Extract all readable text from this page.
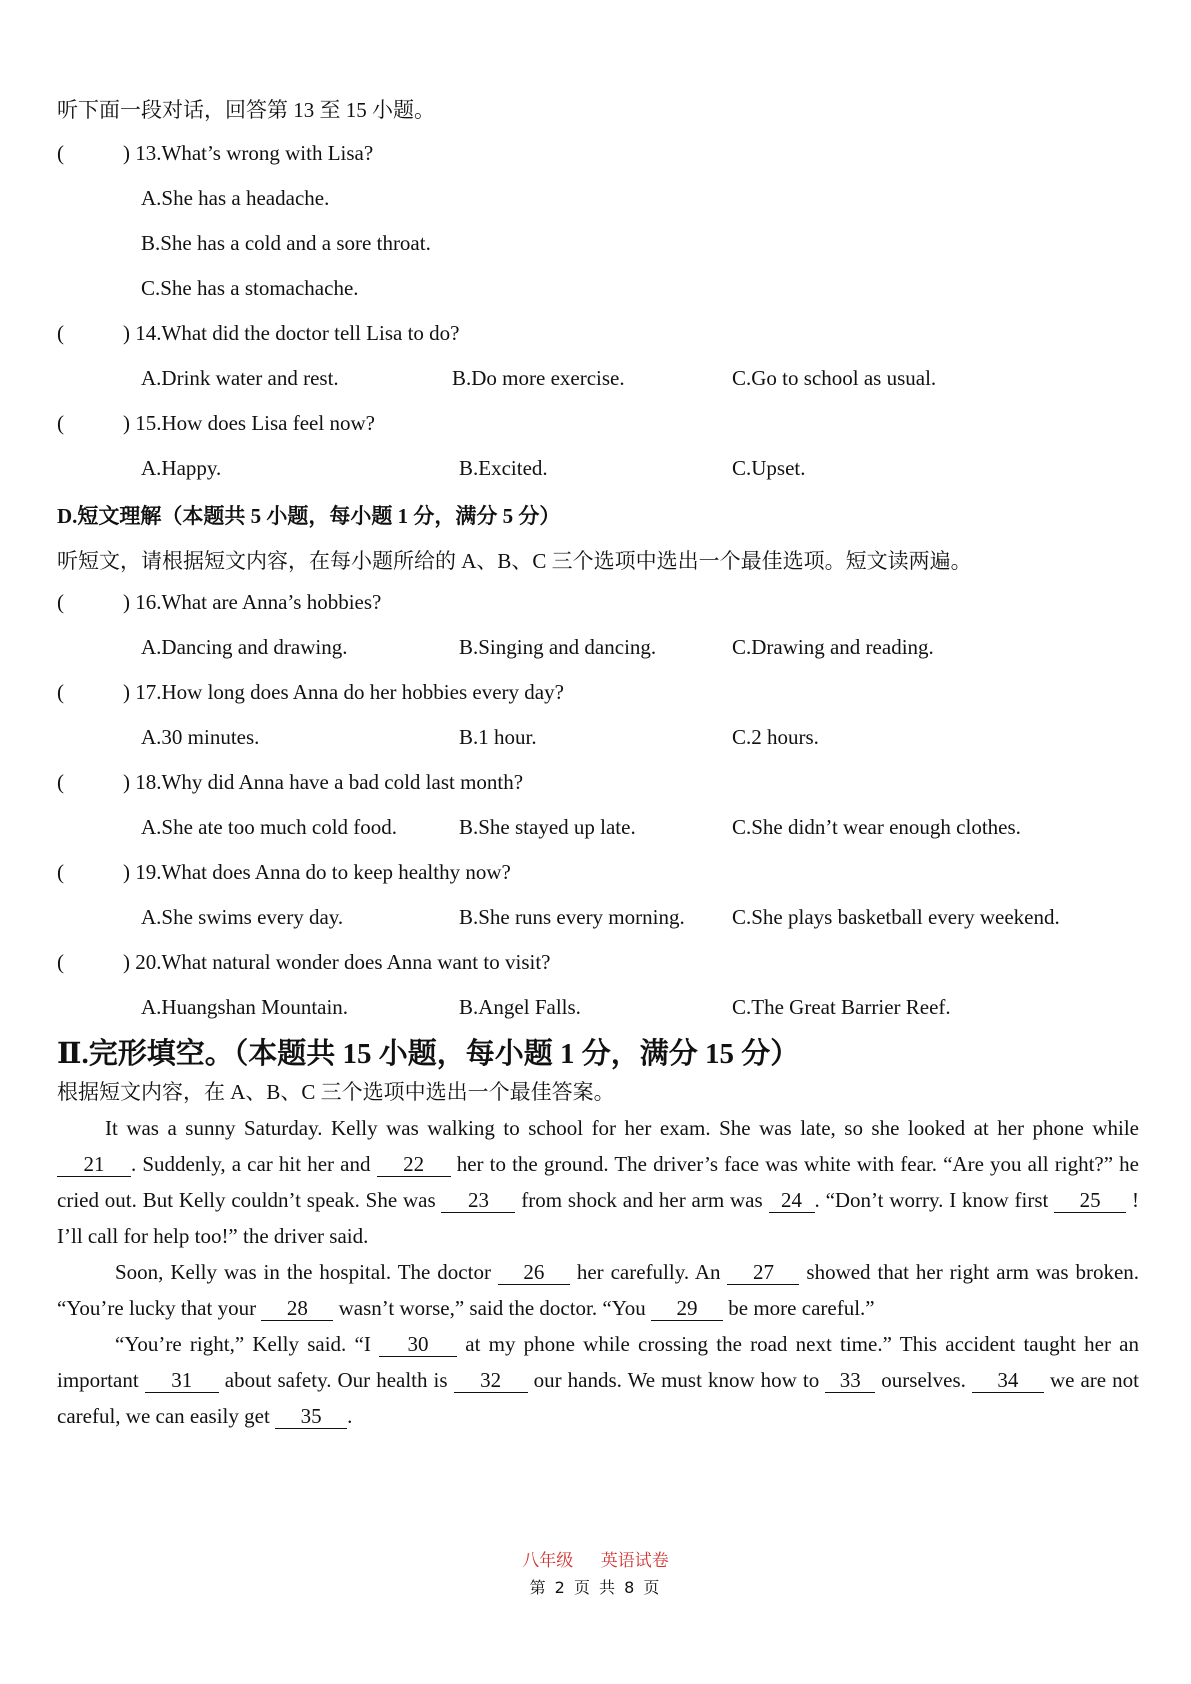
听下面一段对话，回答第 13 至 15 小题。
(	) 13.What’s wrong with Lisa?
A.She has a headache.
B.She has a cold and a sore throat.
C.She has a stomachache.
(	) 14.What did the doctor tell Lisa to do?
A.Drink water and rest.	B.Do more exercise.	C.Go to school as usual.
(	) 15.How does Lisa feel now?
A.Happy.	B.Excited.	C.Upset.
D.短文理解（本题共 5 小题，每小题 1 分，满分 5 分）
听短文，请根据短文内容，在每小题所给的 A、B、C 三个选项中选出一个最佳选项。短文读两遍。
(	) 16.What are Anna’s hobbies?
A.Dancing and drawing.	B.Singing and dancing.	C.Drawing and reading.
(	) 17.How long does Anna do her hobbies every day?
A.30 minutes.	B.1 hour.	C.2 hours.
(	) 18.Why did Anna have a bad cold last month?
A.She ate too much cold food.	B.She stayed up late.	C.She didn’t wear enough clothes.
(	) 19.What does Anna do to keep healthy now?
A.She swims every day.	B.She runs every morning. C.She plays basketball every weekend.
(	) 20.What natural wonder does Anna want to visit?
A.Huangshan Mountain.	B.Angel Falls.	C.The Great Barrier Reef.
Ⅱ.完形填空。（本题共 15 小题，每小题 1 分，满分 15 分）
根据短文内容，在 A、B、C 三个选项中选出一个最佳答案。

It was a sunny Saturday. Kelly was walking to school for her exam. She was late, so she looked at her phone while 21 . Suddenly, a car hit her and 22 her to the ground. The driver’s face was white with fear. “Are you all right?” he cried out. But Kelly couldn’t speak. She was 23 from shock and her arm was 24 . “Don’t worry. I know first 25 ! I’ll call for help too!” the driver said.

Soon, Kelly was in the hospital. The doctor 26 her carefully. An 27 showed that her right arm was broken. “You’re lucky that your 28 wasn’t worse,” said the doctor. “You 29 be more careful.”

“You’re right,” Kelly said. “I 30 at my phone while crossing the road next time.” This accident taught her an important 31 about safety. Our health is 32 our hands. We must know how to 33 ourselves. 34 we are not careful, we can easily get 35 .

八年级 英语试卷
第 2 页 共 8 页
